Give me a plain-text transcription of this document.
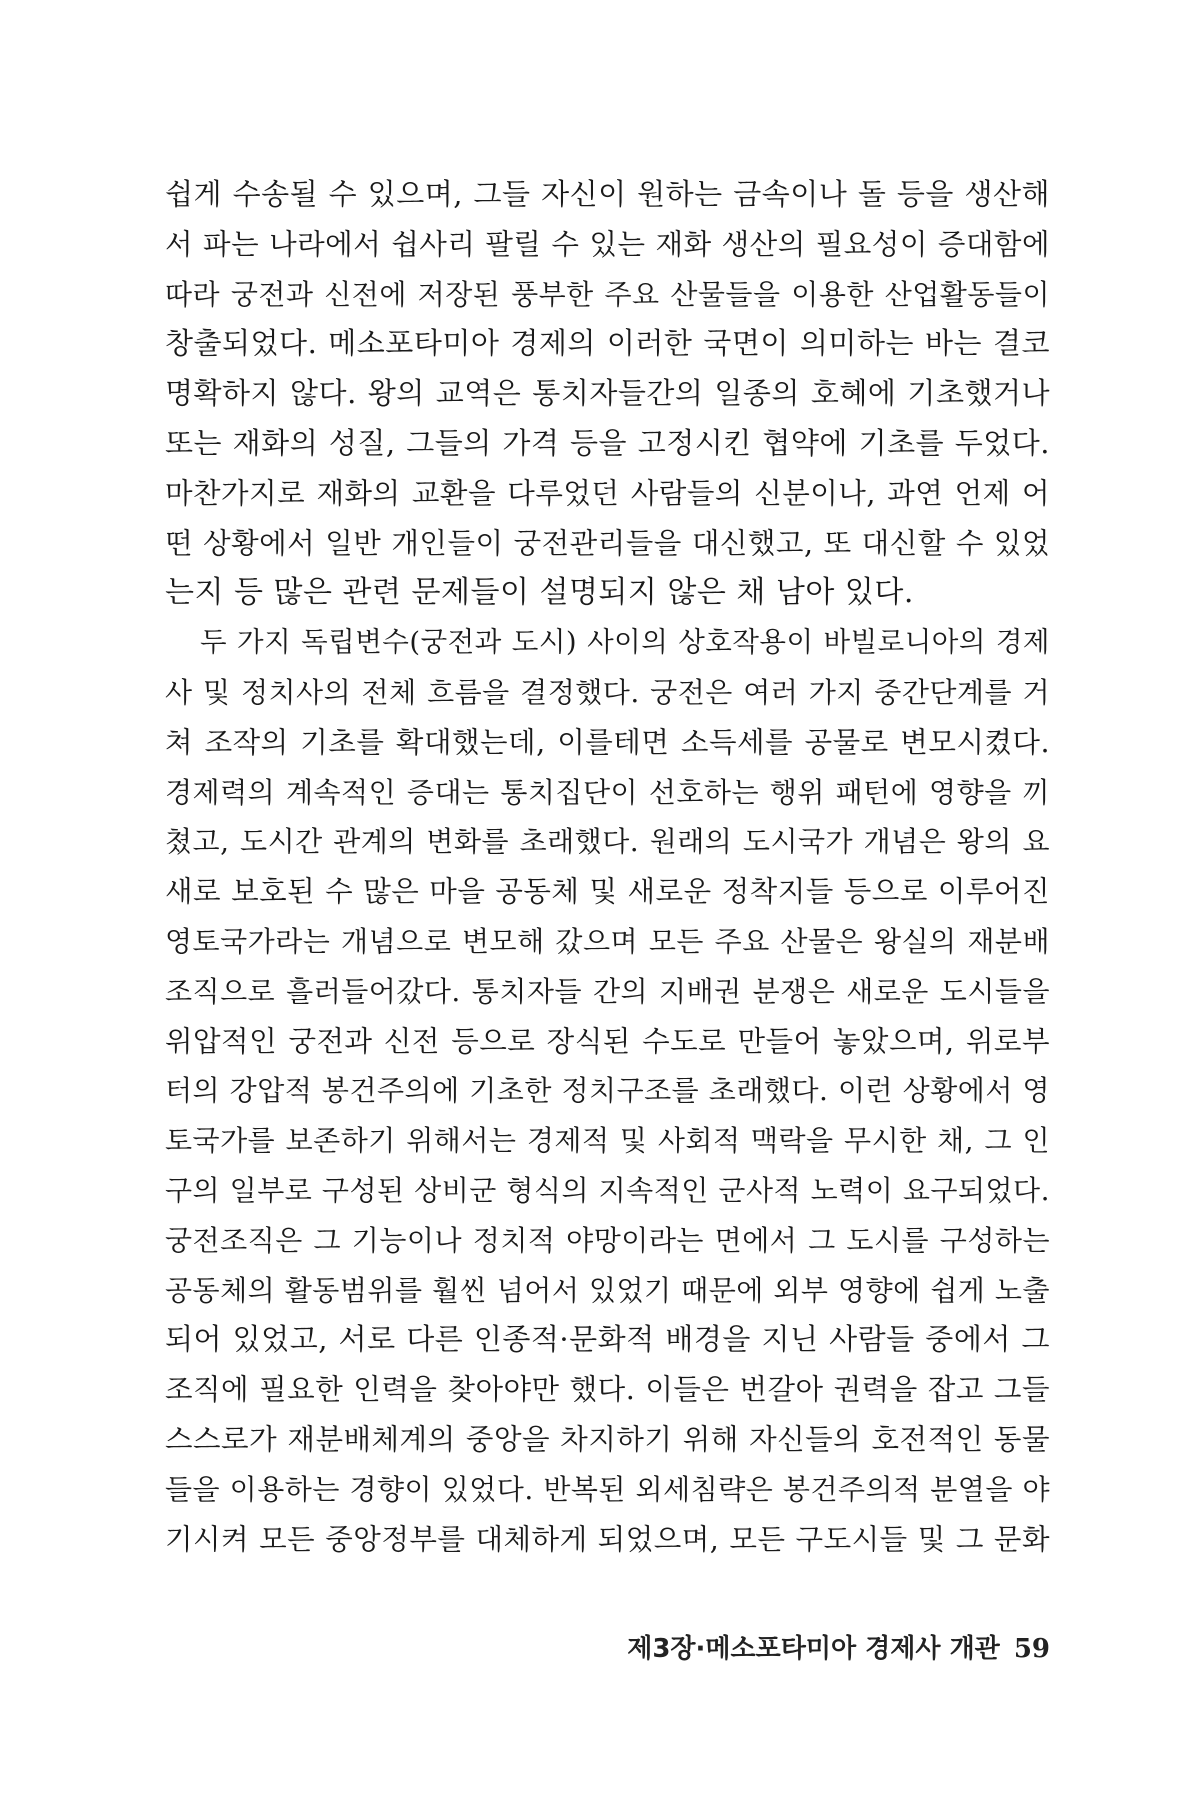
쉽게 수송될 수 있으며, 그들 자신이 원하는 금속이나 돌 등을 생산해
서 파는 나라에서 쉽사리 팔릴 수 있는 재화 생산의 필요성이 증대함에
따라 궁전과 신전에 저장된 풍부한 주요 산물들을 이용한 산업활동들이
창출되었다. 메소포타미아 경제의 이러한 국면이 의미하는 바는 결코
명확하지 않다. 왕의 교역은 통치자들간의 일종의 호혜에 기초했거나
또는 재화의 성질, 그들의 가격 등을 고정시킨 협약에 기초를 두었다.
마찬가지로 재화의 교환을 다루었던 사람들의 신분이나, 과연 언제 어
떤 상황에서 일반 개인들이 궁전관리들을 대신했고, 또 대신할 수 있었
는지 등 많은 관련 문제들이 설명되지 않은 채 남아 있다.
두 가지 독립변수(궁전과 도시) 사이의 상호작용이 바빌로니아의 경제
사 및 정치사의 전체 흐름을 결정했다. 궁전은 여러 가지 중간단계를 거
쳐 조작의 기초를 확대했는데, 이를테면 소득세를 공물로 변모시켰다.
경제력의 계속적인 증대는 통치집단이 선호하는 행위 패턴에 영향을 끼
쳤고, 도시간 관계의 변화를 초래했다. 원래의 도시국가 개념은 왕의 요
새로 보호된 수 많은 마을 공동체 및 새로운 정착지들 등으로 이루어진
영토국가라는 개념으로 변모해 갔으며 모든 주요 산물은 왕실의 재분배
조직으로 흘러들어갔다. 통치자들 간의 지배권 분쟁은 새로운 도시들을
위압적인 궁전과 신전 등으로 장식된 수도로 만들어 놓았으며, 위로부
터의 강압적 봉건주의에 기초한 정치구조를 초래했다. 이런 상황에서 영
토국가를 보존하기 위해서는 경제적 및 사회적 맥락을 무시한 채, 그 인
구의 일부로 구성된 상비군 형식의 지속적인 군사적 노력이 요구되었다.
궁전조직은 그 기능이나 정치적 야망이라는 면에서 그 도시를 구성하는
공동체의 활동범위를 훨씬 넘어서 있었기 때문에 외부 영향에 쉽게 노출
되어 있었고, 서로 다른 인종적·문화적 배경을 지닌 사람들 중에서 그
조직에 필요한 인력을 찾아야만 했다. 이들은 번갈아 권력을 잡고 그들
스스로가 재분배체계의 중앙을 차지하기 위해 자신들의 호전적인 동물
들을 이용하는 경향이 있었다. 반복된 외세침략은 봉건주의적 분열을 야
기시켜 모든 중앙정부를 대체하게 되었으며, 모든 구도시들 및 그 문화
제3장·메소포타미아 경제사 개관 59
